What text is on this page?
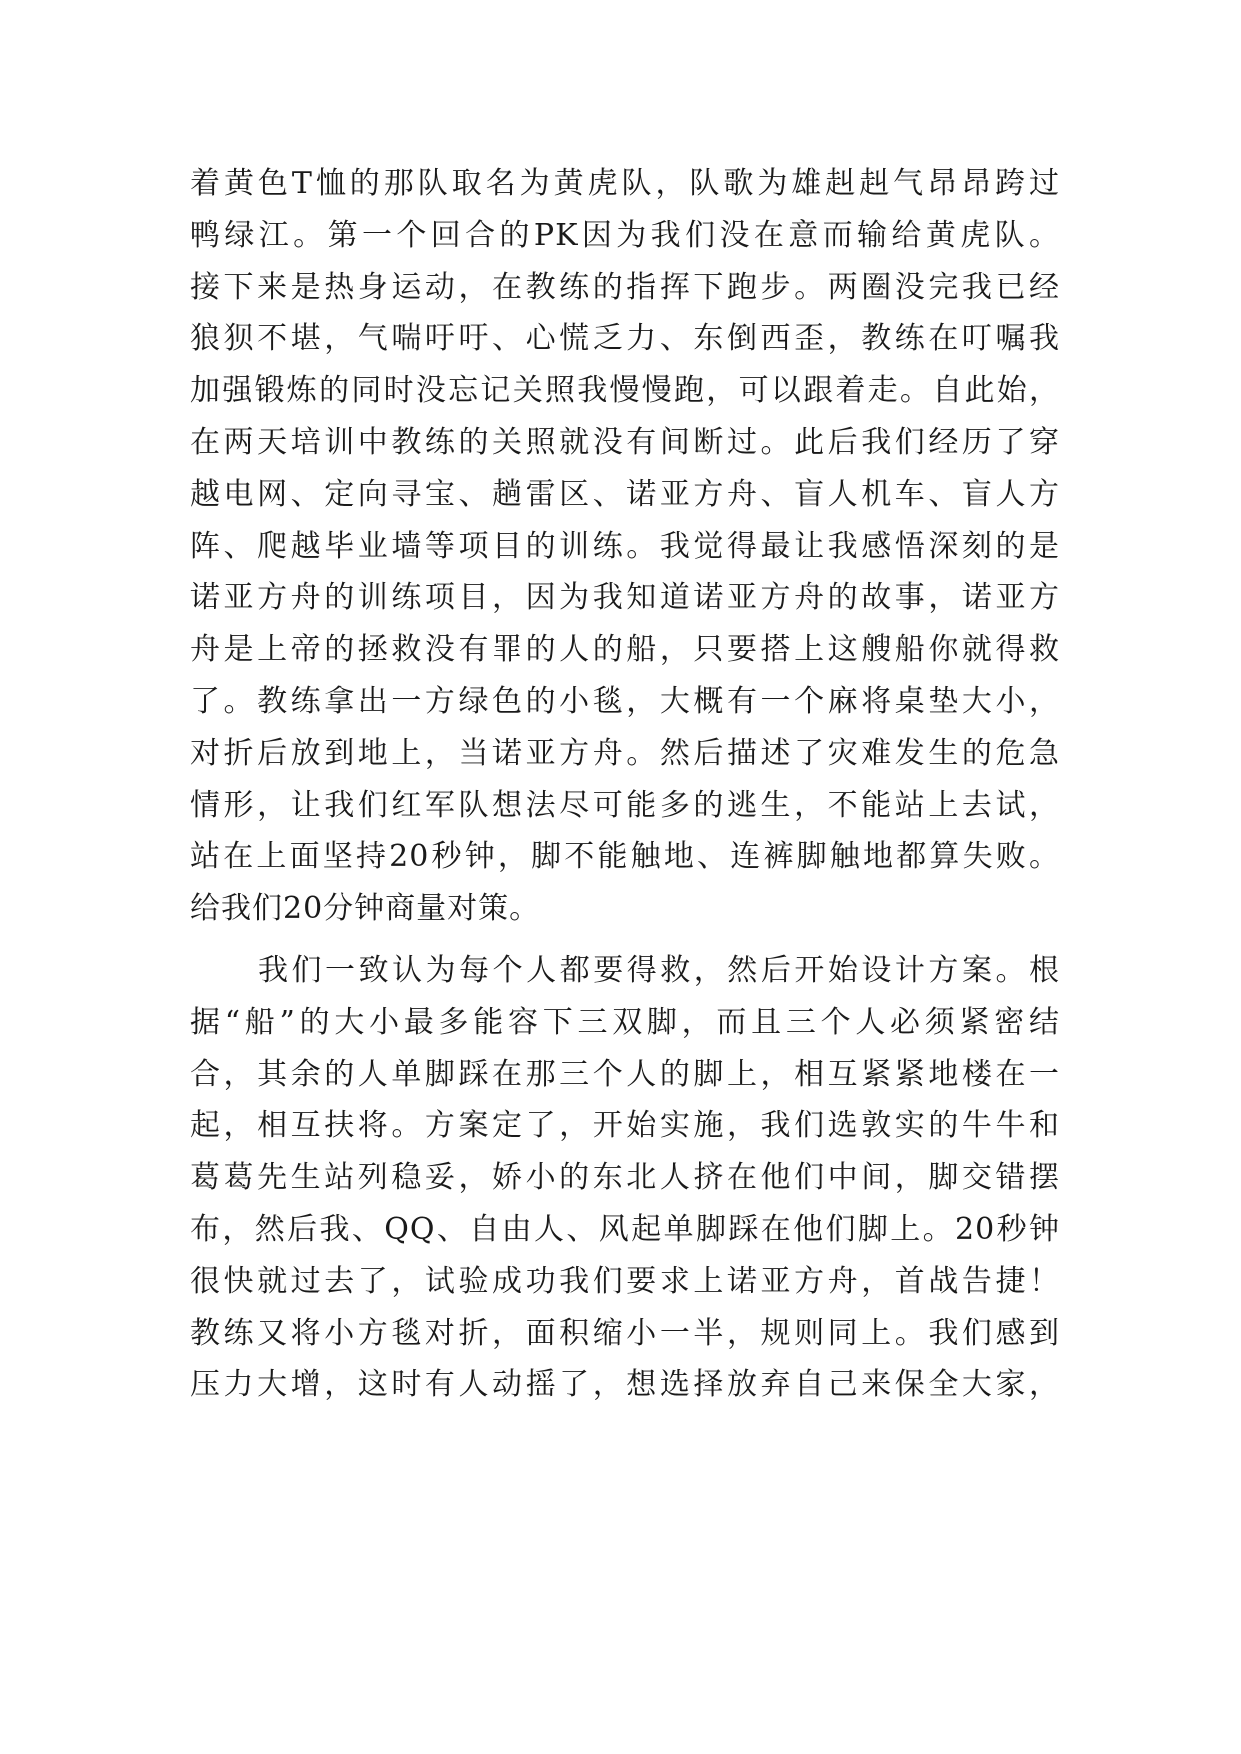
着黄色T恤的那队取名为黄虎队，队歌为雄赳赳气昂昂跨过
鸭绿江。第一个回合的PK因为我们没在意而输给黄虎队。
接下来是热身运动，在教练的指挥下跑步。两圈没完我已经
狼狈不堪，气喘吁吁、心慌乏力、东倒西歪，教练在叮嘱我
加强锻炼的同时没忘记关照我慢慢跑，可以跟着走。自此始，
在两天培训中教练的关照就没有间断过。此后我们经历了穿
越电网、定向寻宝、趟雷区、诺亚方舟、盲人机车、盲人方
阵、爬越毕业墙等项目的训练。我觉得最让我感悟深刻的是
诺亚方舟的训练项目，因为我知道诺亚方舟的故事，诺亚方
舟是上帝的拯救没有罪的人的船，只要搭上这艘船你就得救
了。教练拿出一方绿色的小毯，大概有一个麻将桌垫大小，
对折后放到地上，当诺亚方舟。然后描述了灾难发生的危急
情形，让我们红军队想法尽可能多的逃生，不能站上去试，
站在上面坚持20秒钟，脚不能触地、连裤脚触地都算失败。
给我们20分钟商量对策。
我们一致认为每个人都要得救，然后开始设计方案。根
据“船”的大小最多能容下三双脚，而且三个人必须紧密结
合，其余的人单脚踩在那三个人的脚上，相互紧紧地楼在一
起，相互扶将。方案定了，开始实施，我们选敦实的牛牛和
葛葛先生站列稳妥，娇小的东北人挤在他们中间，脚交错摆
布，然后我、QQ、自由人、风起单脚踩在他们脚上。20秒钟
很快就过去了，试验成功我们要求上诺亚方舟，首战告捷！
教练又将小方毯对折，面积缩小一半，规则同上。我们感到
压力大增，这时有人动摇了，想选择放弃自己来保全大家，
